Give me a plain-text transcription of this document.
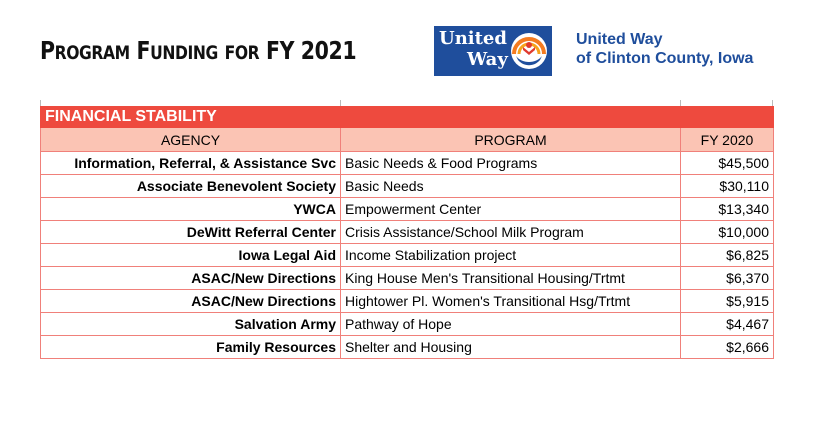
PROGRAM FUNDING FOR FY 2021	United
Way
United Way
of Clinton County, Iowa
FINANCIAL STABILITY		
AGENCY	PROGRAM	FY 2020
Information, Referral, & Assistance Svc	Basic Needs & Food Programs	$45,500
Associate Benevolent Society	Basic Needs	$30,110
YWCA	Empowerment Center	$13,340
DeWitt Referral Center	Crisis Assistance/School Milk Program	$10,000
Iowa Legal Aid	Income Stabilization project	$6,825
ASAC/New Directions	King House Men's Transitional Housing/Trtmt	$6,370
ASAC/New Directions	Hightower Pl. Women's Transitional Hsg/Trtmt	$5,915
Salvation Army	Pathway of Hope	$4,467
Family Resources	Shelter and Housing	$2,666
